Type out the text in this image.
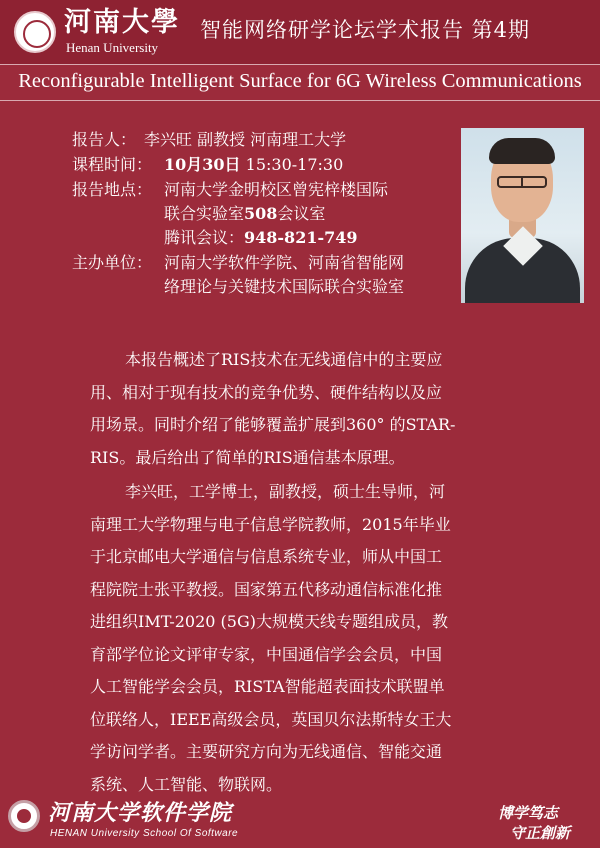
河南大學
Henan University
智能网络研学论坛学术报告 第4期
Reconfigurable Intelligent Surface for 6G Wireless Communications
报告人： 李兴旺 副教授 河南理工大学
课程时间： 10月30日 15:30-17:30
报告地点： 河南大学金明校区曾宪梓楼国际
联合实验室508会议室
腾讯会议：948-821-749
主办单位： 河南大学软件学院、河南省智能网
络理论与关键技术国际联合实验室

本报告概述了RIS技术在无线通信中的主要应
用、相对于现有技术的竞争优势、硬件结构以及应
用场景。同时介绍了能够覆盖扩展到360° 的STAR-
RIS。最后给出了简单的RIS通信基本原理。

李兴旺，工学博士，副教授，硕士生导师，河
南理工大学物理与电子信息学院教师，2015年毕业
于北京邮电大学通信与信息系统专业，师从中国工
程院院士张平教授。国家第五代移动通信标准化推
进组织IMT-2020 (5G)大规模天线专题组成员，教
育部学位论文评审专家，中国通信学会会员，中国
人工智能学会会员，RISTA智能超表面技术联盟单
位联络人，IEEE高级会员，英国贝尔法斯特女王大
学访问学者。主要研究方向为无线通信、智能交通
系统、人工智能、物联网。

河南大学软件学院
HENAN University School Of Software
博学笃志
守正創新
